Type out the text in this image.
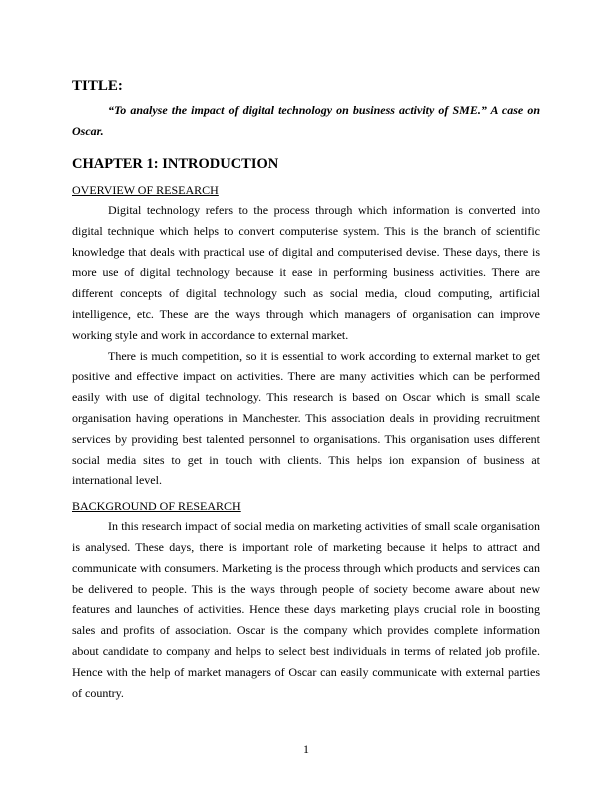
TITLE:

“To analyse the impact of digital technology on business activity of SME.” A case on Oscar.

CHAPTER 1: INTRODUCTION
OVERVIEW OF RESEARCH

Digital technology refers to the process through which information is converted into digital technique which helps to convert computerise system. This is the branch of scientific knowledge that deals with practical use of digital and computerised devise. These days, there is more use of digital technology because it ease in performing business activities. There are different concepts of digital technology such as social media, cloud computing, artificial intelligence, etc. These are the ways through which managers of organisation can improve working style and work in accordance to external market.

There is much competition, so it is essential to work according to external market to get positive and effective impact on activities. There are many activities which can be performed easily with use of digital technology. This research is based on Oscar which is small scale organisation having operations in Manchester. This association deals in providing recruitment services by providing best talented personnel to organisations. This organisation uses different social media sites to get in touch with clients. This helps ion expansion of business at international level.

BACKGROUND OF RESEARCH

In this research impact of social media on marketing activities of small scale organisation is analysed. These days, there is important role of marketing because it helps to attract and communicate with consumers. Marketing is the process through which products and services can be delivered to people. This is the ways through people of society become aware about new features and launches of activities. Hence these days marketing plays crucial role in boosting sales and profits of association. Oscar is the company which provides complete information about candidate to company and helps to select best individuals in terms of related job profile. Hence with the help of market managers of Oscar can easily communicate with external parties of country.

1
